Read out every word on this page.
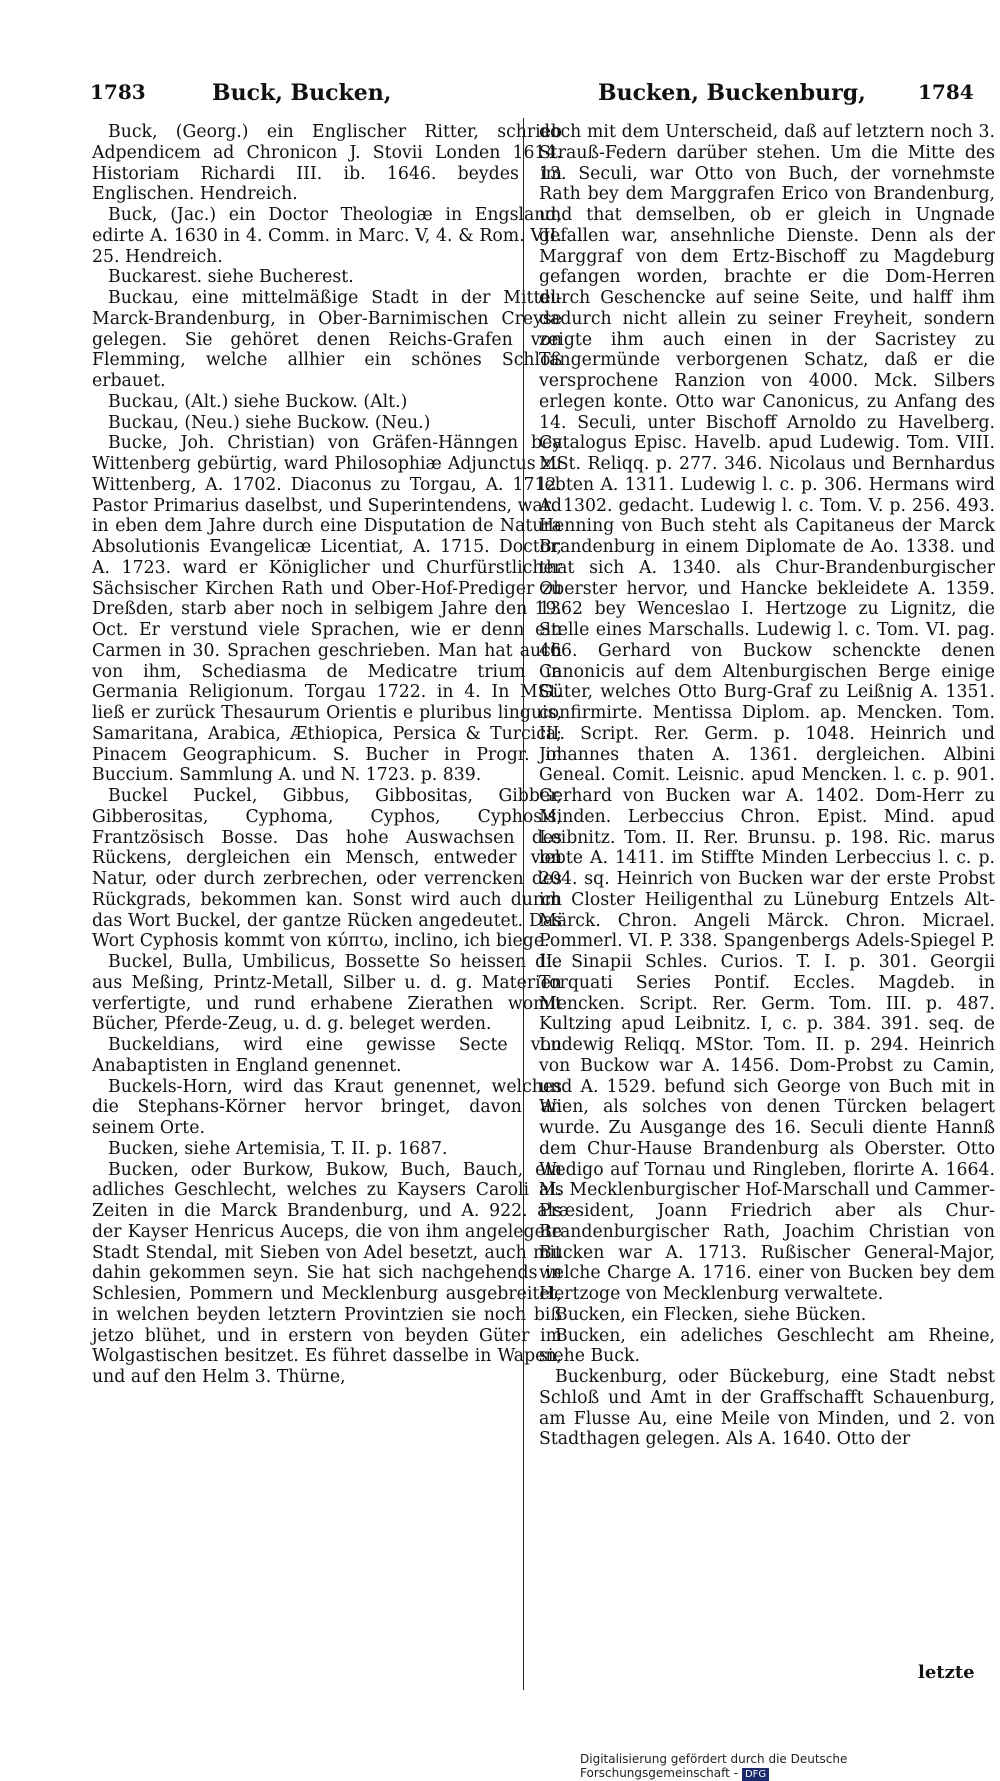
1783	Buck, Bucken,	Bucken, Buckenburg,	1784

Buck, (Georg.) ein Englischer Ritter, schrieb Adpendicem ad Chronicon J. Stovii Londen 1614. Historiam Richardi III. ib. 1646. beydes im Englischen. Hendreich.

Buck, (Jac.) ein Doctor Theologiæ in Engsland, edirte A. 1630 in 4. Comm. in Marc. V, 4. & Rom. VII. 25. Hendreich.

Buckarest. siehe Bucherest.

Buckau, eine mittelmäßige Stadt in der Mittel-Marck-Brandenburg, in Ober-Barnimischen Creyse gelegen. Sie gehöret denen Reichs-Grafen von Flemming, welche allhier ein schönes Schloß erbauet.

Buckau, (Alt.) siehe Buckow. (Alt.)

Buckau, (Neu.) siehe Buckow. (Neu.)

Bucke, Joh. Christian) von Gräfen-Hänngen bey Wittenberg gebürtig, ward Philosophiæ Adjunctus zu Wittenberg, A. 1702. Diaconus zu Torgau, A. 1712. Pastor Primarius daselbst, und Superintendens, ward in eben dem Jahre durch eine Disputation de Natura Absolutionis Evangelicæ Licentiat, A. 1715. Doctor, A. 1723. ward er Königlicher und Churfürstlicher Sächsischer Kirchen Rath und Ober-Hof-Prediger zu Dreßden, starb aber noch in selbigem Jahre den 19. Oct. Er verstund viele Sprachen, wie er denn ein Carmen in 30. Sprachen geschrieben. Man hat auch von ihm, Schediasma de Medicatre trium in Germania Religionum. Torgau 1722. in 4. In MSt. ließ er zurück Thesaurum Orientis e pluribus linguis, Samaritana, Arabica, Æthiopica, Persica & Turcica; Pinacem Geographicum. S. Bucher in Progr. in Buccium. Sammlung A. und N. 1723. p. 839.

Buckel Puckel, Gibbus, Gibbositas, Gibber, Gibberositas, Cyphoma, Cyphos, Cyphosis, Frantzösisch Bosse. Das hohe Auswachsen des Rückens, dergleichen ein Mensch, entweder von Natur, oder durch zerbrechen, oder verrencken des Rückgrads, bekommen kan. Sonst wird auch durch das Wort Buckel, der gantze Rücken angedeutet. Das Wort Cyphosis kommt von κύπτω, inclino, ich biege.

Buckel, Bulla, Umbilicus, Bossette So heissen die aus Meßing, Printz-Metall, Silber u. d. g. Materien verfertigte, und rund erhabene Zierathen womit Bücher, Pferde-Zeug, u. d. g. beleget werden.

Buckeldians, wird eine gewisse Secte von Anabaptisten in England genennet.

Buckels-Horn, wird das Kraut genennet, welches die Stephans-Körner hervor bringet, davon an seinem Orte.

Bucken, siehe Artemisia, T. II. p. 1687.

Bucken, oder Burkow, Bukow, Buch, Bauch, ein adliches Geschlecht, welches zu Kaysers Caroli M. Zeiten in die Marck Brandenburg, und A. 922. als der Kayser Henricus Auceps, die von ihm angelegete Stadt Stendal, mit Sieben von Adel besetzt, auch mit dahin gekommen seyn. Sie hat sich nachgehends in Schlesien, Pommern und Mecklenburg ausgebreitet, in welchen beyden letztern Provintzien sie noch biß jetzo blühet, und in erstern von beyden Güter im Wolgastischen besitzet. Es führet dasselbe in Wapen, und auf den Helm 3. Thürne,

doch mit dem Unterscheid, daß auf letztern noch 3. Strauß-Federn darüber stehen. Um die Mitte des 13. Seculi, war Otto von Buch, der vornehmste Rath bey dem Marggrafen Erico von Brandenburg, und that demselben, ob er gleich in Ungnade gefallen war, ansehnliche Dienste. Denn als der Marggraf von dem Ertz-Bischoff zu Magdeburg gefangen worden, brachte er die Dom-Herren durch Geschencke auf seine Seite, und halff ihm dadurch nicht allein zu seiner Freyheit, sondern zeigte ihm auch einen in der Sacristey zu Tangermünde verborgenen Schatz, daß er die versprochene Ranzion von 4000. Mck. Silbers erlegen konte. Otto war Canonicus, zu Anfang des 14. Seculi, unter Bischoff Arnoldo zu Havelberg. Catalogus Episc. Havelb. apud Ludewig. Tom. VIII. MSt. Reliqq. p. 277. 346. Nicolaus und Bernhardus lebten A. 1311. Ludewig l. c. p. 306. Hermans wird A. 1302. gedacht. Ludewig l. c. Tom. V. p. 256. 493. Henning von Buch steht als Capitaneus der Marck Brandenburg in einem Diplomate de Ao. 1338. und that sich A. 1340. als Chur-Brandenburgischer Oberster hervor, und Hancke bekleidete A. 1359. 1362 bey Wenceslao I. Hertzoge zu Lignitz, die Stelle eines Marschalls. Ludewig l. c. Tom. VI. pag. 466. Gerhard von Buckow schenckte denen Canonicis auf dem Altenburgischen Berge einige Güter, welches Otto Burg-Graf zu Leißnig A. 1351. confirmirte. Mentissa Diplom. ap. Mencken. Tom. III. Script. Rer. Germ. p. 1048. Heinrich und Johannes thaten A. 1361. dergleichen. Albini Geneal. Comit. Leisnic. apud Mencken. l. c. p. 901. Gerhard von Bucken war A. 1402. Dom-Herr zu Minden. Lerbeccius Chron. Epist. Mind. apud Leibnitz. Tom. II. Rer. Brunsu. p. 198. Ric. marus lebte A. 1411. im Stiffte Minden Lerbeccius l. c. p. 204. sq. Heinrich von Bucken war der erste Probst im Closter Heiligenthal zu Lüneburg Entzels Alt-Märck. Chron. Angeli Märck. Chron. Micrael. Pommerl. VI. P. 338. Spangenbergs Adels-Spiegel P. II. Sinapii Schles. Curios. T. I. p. 301. Georgii Torquati Series Pontif. Eccles. Magdeb. in Mencken. Script. Rer. Germ. Tom. III. p. 487. Kultzing apud Leibnitz. I, c. p. 384. 391. seq. de Ludewig Reliqq. MStor. Tom. II. p. 294. Heinrich von Buckow war A. 1456. Dom-Probst zu Camin, und A. 1529. befund sich George von Buch mit in Wien, als solches von denen Türcken belagert wurde. Zu Ausgange des 16. Seculi diente Hannß dem Chur-Hause Brandenburg als Oberster. Otto Wedigo auf Tornau und Ringleben, florirte A. 1664. als Mecklenburgischer Hof-Marschall und Cammer-Præsident, Joann Friedrich aber als Chur-Brandenburgischer Rath, Joachim Christian von Bucken war A. 1713. Rußischer General-Major, welche Charge A. 1716. einer von Bucken bey dem Hertzoge von Mecklenburg verwaltete.

Bucken, ein Flecken, siehe Bücken.

Bucken, ein adeliches Geschlecht am Rheine, siehe Buck.

Buckenburg, oder Bückeburg, eine Stadt nebst Schloß und Amt in der Graffschafft Schauenburg, am Flusse Au, eine Meile von Minden, und 2. von Stadthagen gelegen. Als A. 1640. Otto der

letzte
Digitalisierung gefördert durch die Deutsche Forschungsgemeinschaft - DFG
